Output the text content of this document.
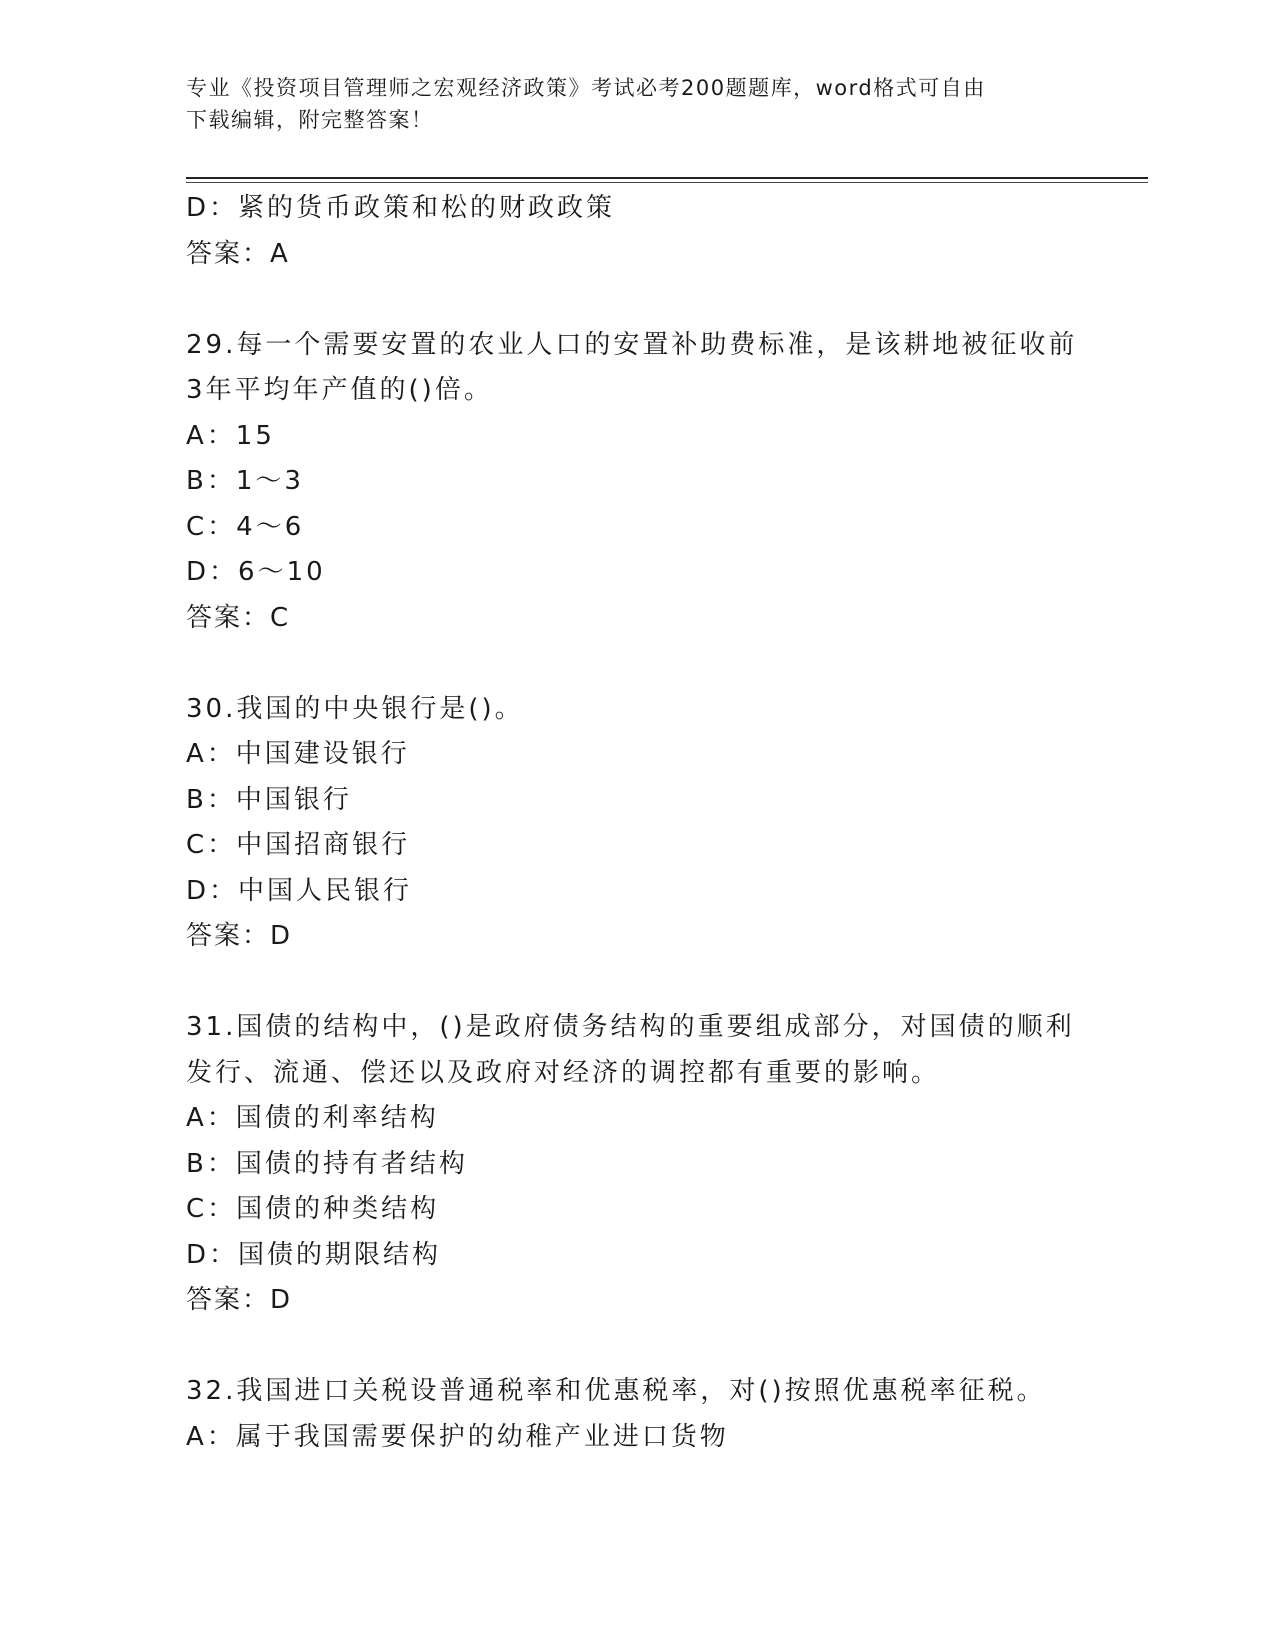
专业《投资项目管理师之宏观经济政策》考试必考200题题库，word格式可自由
下载编辑，附完整答案！
D：紧的货币政策和松的财政政策
答案：A
29.每一个需要安置的农业人口的安置补助费标准，是该耕地被征收前
3年平均年产值的()倍。
A：15
B：1～3
C：4～6
D：6～10
答案：C
30.我国的中央银行是()。
A：中国建设银行
B：中国银行
C：中国招商银行
D：中国人民银行
答案：D
31.国债的结构中，()是政府债务结构的重要组成部分，对国债的顺利
发行、流通、偿还以及政府对经济的调控都有重要的影响。
A：国债的利率结构
B：国债的持有者结构
C：国债的种类结构
D：国债的期限结构
答案：D
32.我国进口关税设普通税率和优惠税率，对()按照优惠税率征税。
A：属于我国需要保护的幼稚产业进口货物
